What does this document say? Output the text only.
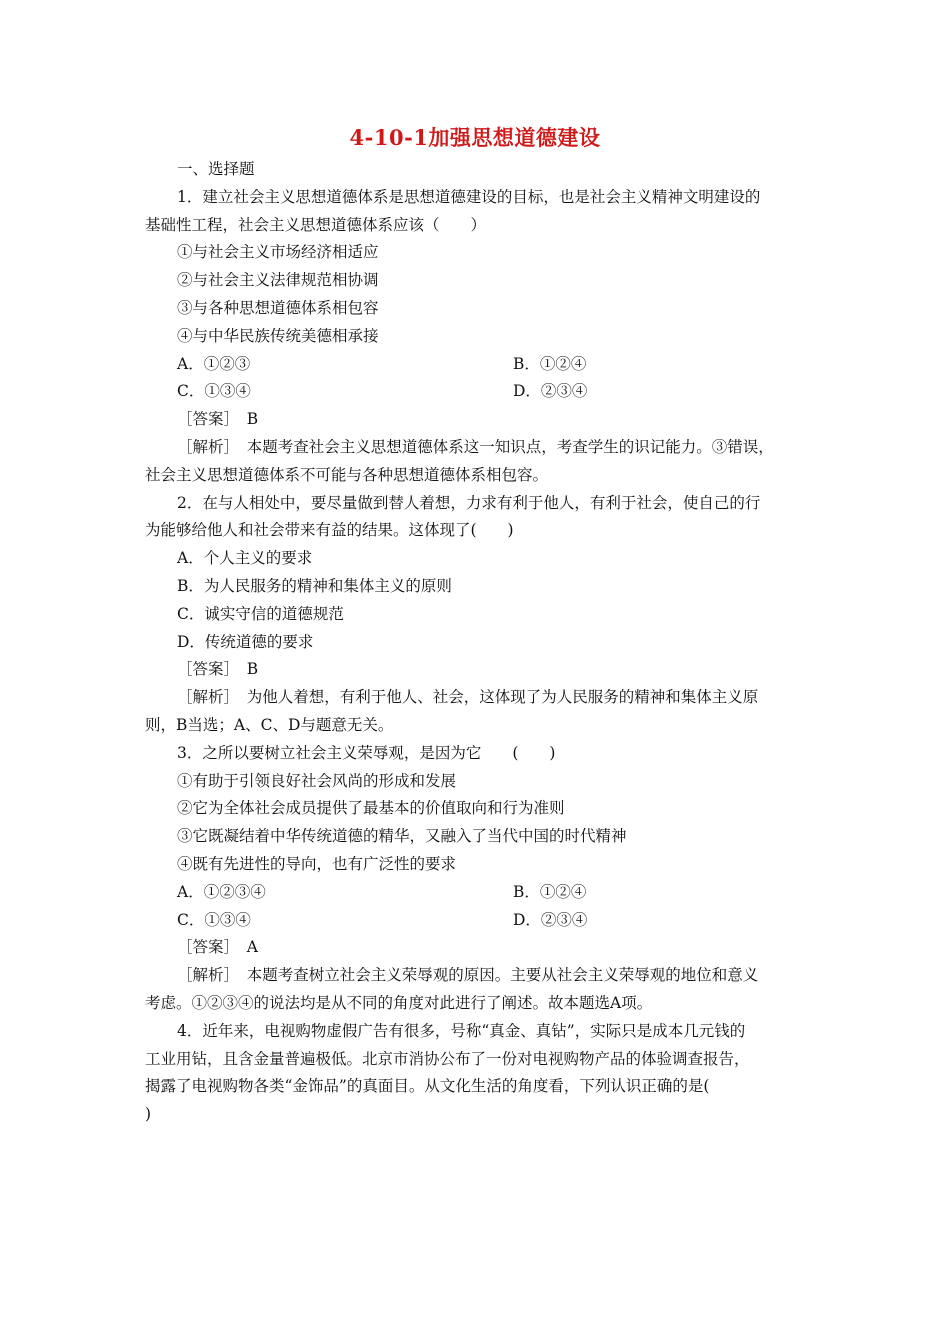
4-10-1加强思想道德建设
一、选择题
1．建立社会主义思想道德体系是思想道德建设的目标，也是社会主义精神文明建设的
基础性工程，社会主义思想道德体系应该（　　）
①与社会主义市场经济相适应
②与社会主义法律规范相协调
③与各种思想道德体系相包容
④与中华民族传统美德相承接
A．①②③	B．①②④
C．①③④	D．②③④
［答案］　B
［解析］　本题考查社会主义思想道德体系这一知识点，考查学生的识记能力。③错误，
社会主义思想道德体系不可能与各种思想道德体系相包容。
2．在与人相处中，要尽量做到替人着想，力求有利于他人，有利于社会，使自己的行
为能够给他人和社会带来有益的结果。这体现了(　　)
A．个人主义的要求
B．为人民服务的精神和集体主义的原则
C．诚实守信的道德规范
D．传统道德的要求
［答案］　B
［解析］　为他人着想，有利于他人、社会，这体现了为人民服务的精神和集体主义原
则，B当选；A、C、D与题意无关。
3．之所以要树立社会主义荣辱观，是因为它　　(　　)
①有助于引领良好社会风尚的形成和发展
②它为全体社会成员提供了最基本的价值取向和行为准则
③它既凝结着中华传统道德的精华，又融入了当代中国的时代精神
④既有先进性的导向，也有广泛性的要求
A．①②③④	B．①②④
C．①③④	D．②③④
［答案］　A
［解析］　本题考查树立社会主义荣辱观的原因。主要从社会主义荣辱观的地位和意义
考虑。①②③④的说法均是从不同的角度对此进行了阐述。故本题选A项。
4．近年来，电视购物虚假广告有很多，号称“真金、真钻”，实际只是成本几元钱的
工业用钻，且含金量普遍极低。北京市消协公布了一份对电视购物产品的体验调查报告，
揭露了电视购物各类“金饰品”的真面目。从文化生活的角度看，下列认识正确的是(
)
